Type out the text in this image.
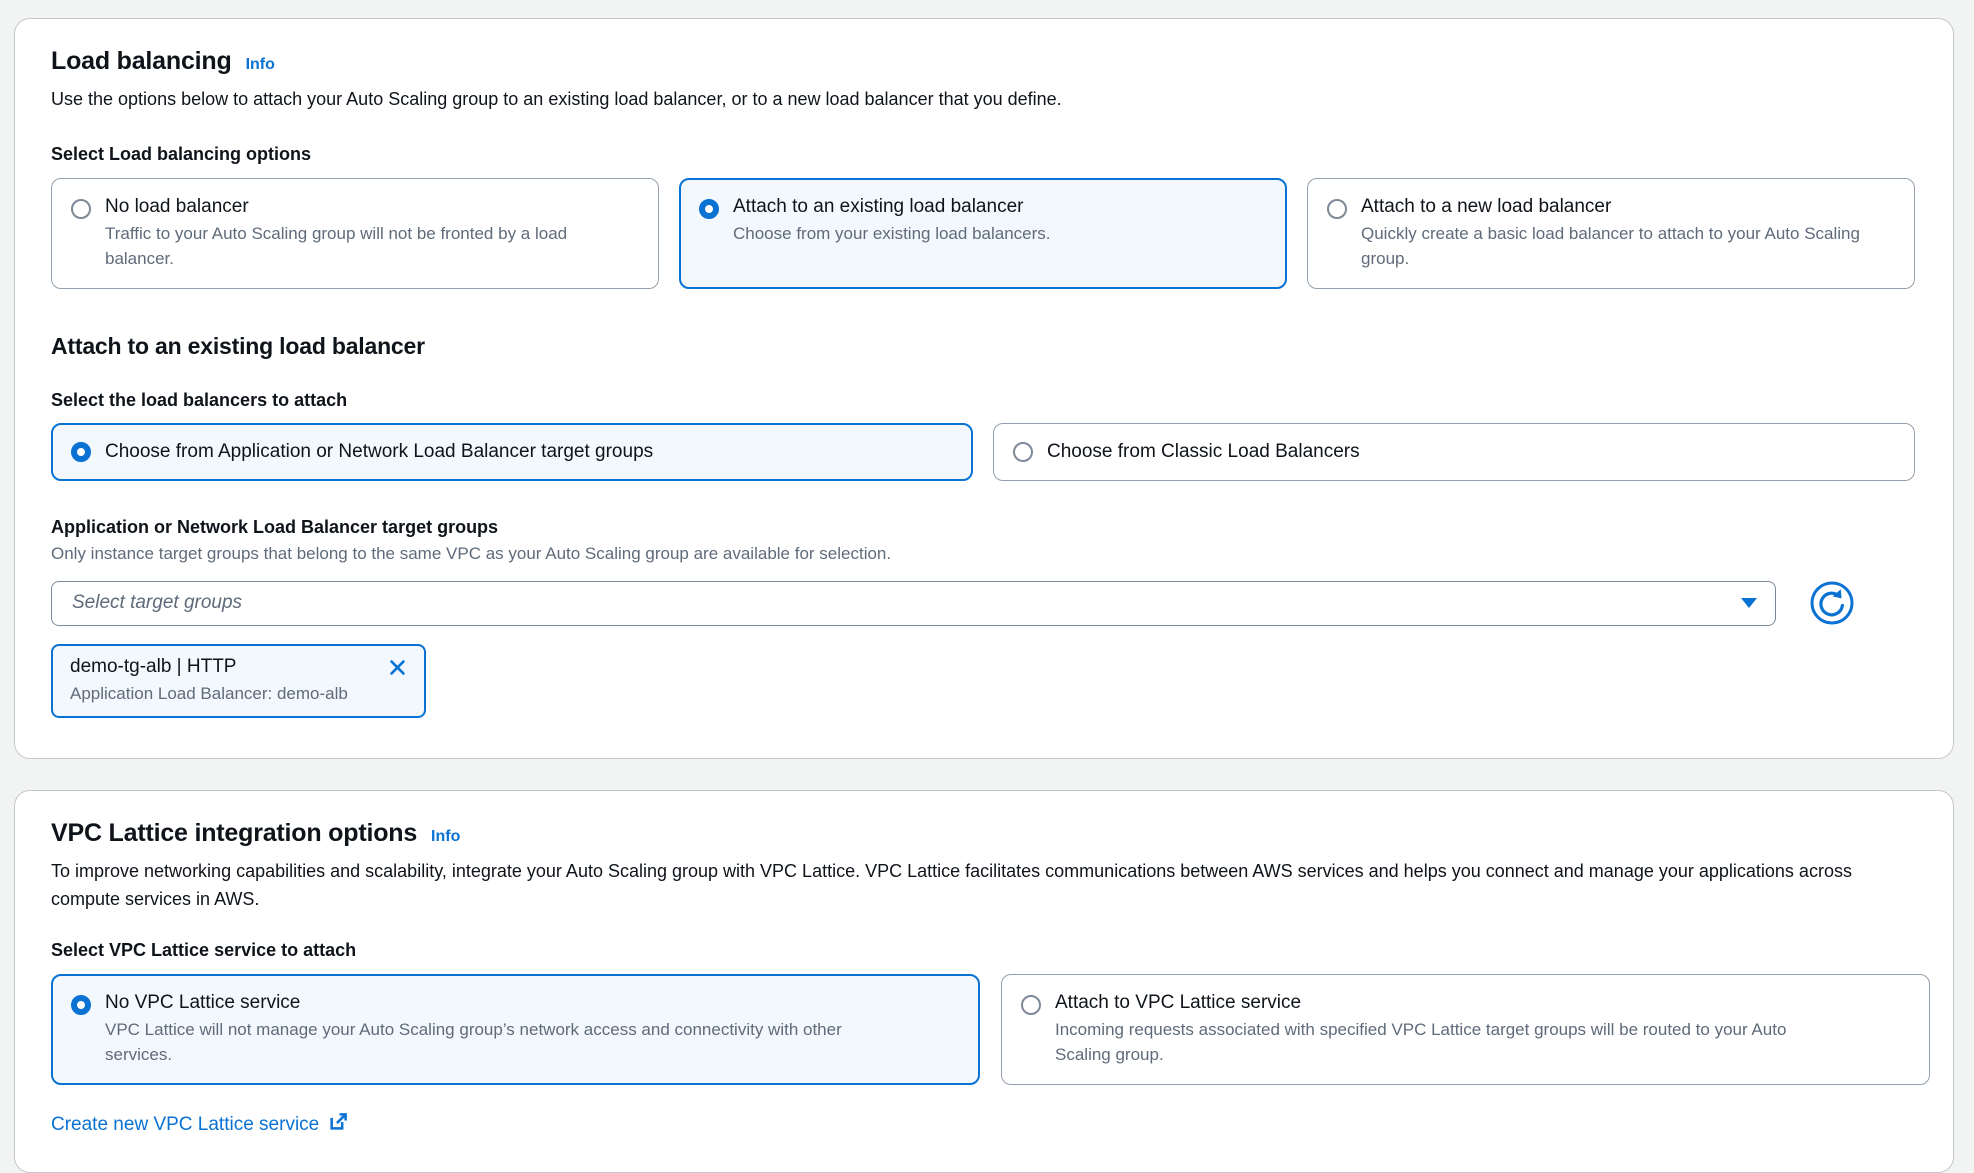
Load balancing Info

Use the options below to attach your Auto Scaling group to an existing load balancer, or to a new load balancer that you define.

Select Load balancing options
No load balancer
Traffic to your Auto Scaling group will not be fronted by a load balancer.
Attach to an existing load balancer
Choose from your existing load balancers.
Attach to a new load balancer
Quickly create a basic load balancer to attach to your Auto Scaling group.
Attach to an existing load balancer
Select the load balancers to attach
Choose from Application or Network Load Balancer target groups	Choose from Classic Load Balancers
Application or Network Load Balancer target groups
Only instance target groups that belong to the same VPC as your Auto Scaling group are available for selection.
Select target groups
demo-tg-alb | HTTP
Application Load Balancer: demo-alb
VPC Lattice integration options Info

To improve networking capabilities and scalability, integrate your Auto Scaling group with VPC Lattice. VPC Lattice facilitates communications between AWS services and helps you connect and manage your applications across compute services in AWS.

Select VPC Lattice service to attach
No VPC Lattice service
VPC Lattice will not manage your Auto Scaling group’s network access and connectivity with other services.
Attach to VPC Lattice service
Incoming requests associated with specified VPC Lattice target groups will be routed to your Auto Scaling group.
Create new VPC Lattice service
